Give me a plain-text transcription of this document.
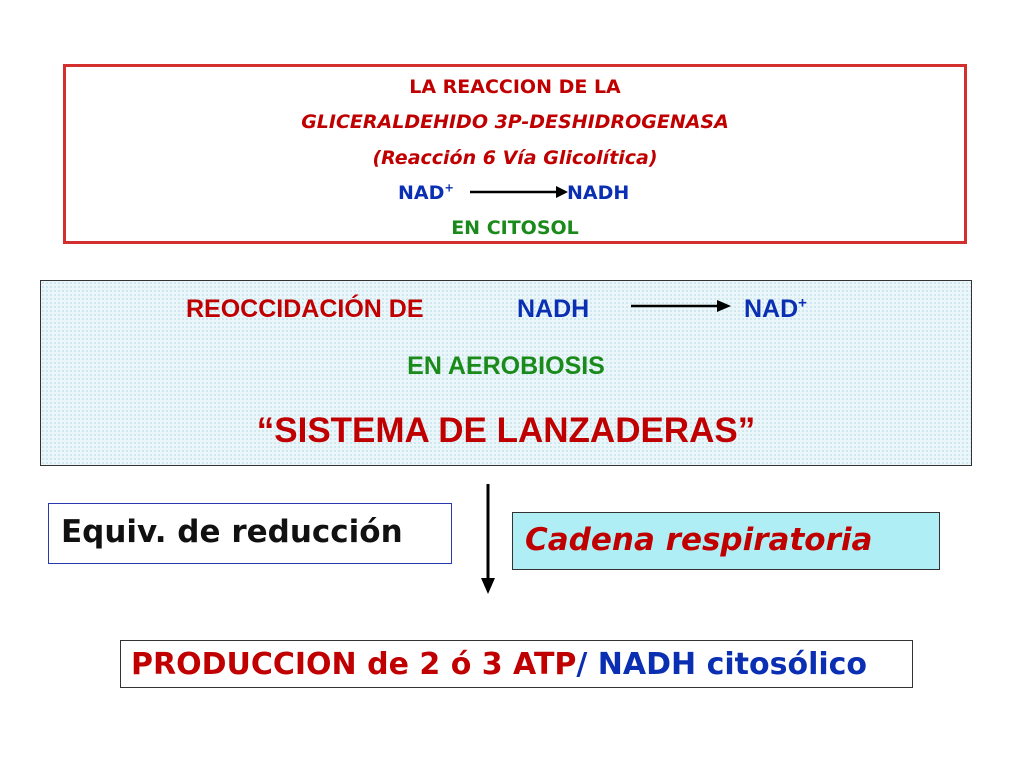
LA REACCION DE LA
GLICERALDEHIDO 3P-DESHIDROGENASA
(Reacción 6 Vía Glicolítica)
NAD+	NADH
EN CITOSOL
REOCCIDACIÓN DE	NADH	NAD+
EN AEROBIOSIS
“SISTEMA DE LANZADERAS”
Equiv. de reducción	Cadena respiratoria
PRODUCCION de 2 ó 3 ATP/ NADH citosólico
